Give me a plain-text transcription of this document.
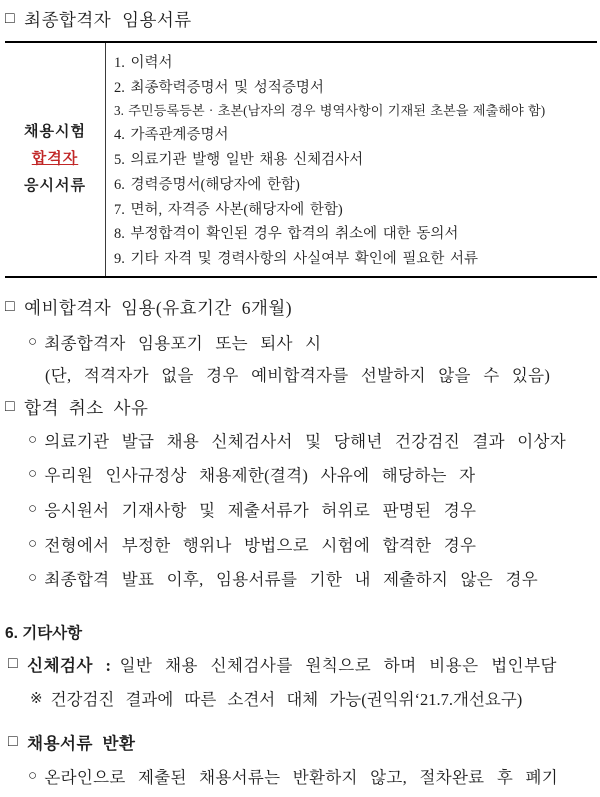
□ 최종합격자 임용서류
채용시험
합격자
응시서류
1. 이력서
2. 최종학력증명서 및 성적증명서
3. 주민등록등본 · 초본(남자의 경우 병역사항이 기재된 초본을 제출해야 함)
4. 가족관계증명서
5. 의료기관 발행 일반 채용 신체검사서
6. 경력증명서(해당자에 한함)
7. 면허, 자격증 사본(해당자에 한함)
8. 부정합격이 확인된 경우 합격의 취소에 대한 동의서
9. 기타 자격 및 경력사항의 사실여부 확인에 필요한 서류
□ 예비합격자 임용(유효기간 6개월)
○ 최종합격자 임용포기 또는 퇴사 시
(단, 적격자가 없을 경우 예비합격자를 선발하지 않을 수 있음)
□ 합격 취소 사유
○ 의료기관 발급 채용 신체검사서 및 당해년 건강검진 결과 이상자
○ 우리원 인사규정상 채용제한(결격) 사유에 해당하는 자
○ 응시원서 기재사항 및 제출서류가 허위로 판명된 경우
○ 전형에서 부정한 행위나 방법으로 시험에 합격한 경우
○ 최종합격 발표 이후, 임용서류를 기한 내 제출하지 않은 경우
6. 기타사항
□ 신체검사 : 일반 채용 신체검사를 원칙으로 하며 비용은 법인부담
※ 건강검진 결과에 따른 소견서 대체 가능(권익위‘21.7.개선요구)
□ 채용서류 반환
○ 온라인으로 제출된 채용서류는 반환하지 않고, 절차완료 후 폐기
